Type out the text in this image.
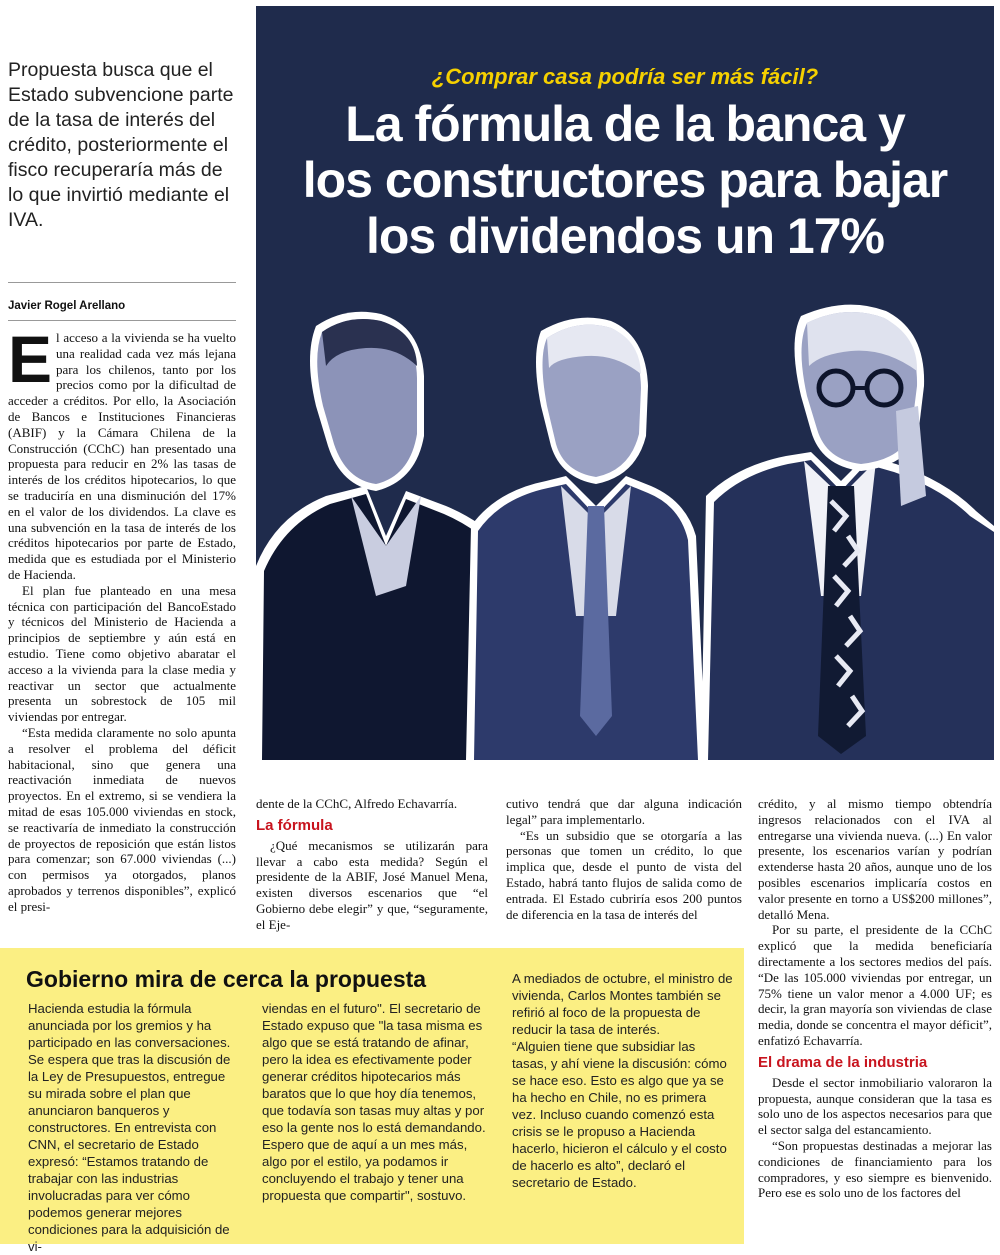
¿Comprar casa podría ser más fácil?
La fórmula de la banca y
los constructores para bajar
los dividendos un 17%
Propuesta busca que el Estado subvencione parte de la tasa de interés del crédito, posteriormente el fisco recuperaría más de lo que invirtió mediante el IVA.
Javier Rogel Arellano

El acceso a la vivienda se ha vuelto una realidad cada vez más lejana para los chilenos, tanto por los precios como por la dificultad de acceder a créditos. Por ello, la Asociación de Bancos e Instituciones Financieras (ABIF) y la Cámara Chilena de la Construcción (CChC) han presentado una propuesta para reducir en 2% las tasas de interés de los créditos hipotecarios, lo que se traduciría en una disminución del 17% en el valor de los dividendos. La clave es una subvención en la tasa de interés de los créditos hipotecarios por parte de Estado, medida que es estudiada por el Ministerio de Hacienda.

El plan fue planteado en una mesa técnica con participación del BancoEstado y técnicos del Ministerio de Hacienda a principios de septiembre y aún está en estudio. Tiene como objetivo abaratar el acceso a la vivienda para la clase media y reactivar un sector que actualmente presenta un sobrestock de 105 mil viviendas por entregar.

“Esta medida claramente no solo apunta a resolver el problema del déficit habitacional, sino que genera una reactivación inmediata de nuevos proyectos. En el extremo, si se vendiera la mitad de esas 105.000 viviendas en stock, se reactivaría de inmediato la construcción de proyectos de reposición que están listos para comenzar; son 67.000 viviendas (...) con permisos ya otorgados, planos aprobados y terrenos disponibles”, explicó el presi-

dente de la CChC, Alfredo Echavarría.

La fórmula

¿Qué mecanismos se utilizarán para llevar a cabo esta medida? Según el presidente de la ABIF, José Manuel Mena, existen diversos escenarios que “el Gobierno debe elegir” y que, “seguramente, el Eje-

cutivo tendrá que dar alguna indicación legal” para implementarlo.

“Es un subsidio que se otorgaría a las personas que tomen un crédito, lo que implica que, desde el punto de vista del Estado, habrá tanto flujos de salida como de entrada. El Estado cubriría esos 200 puntos de diferencia en la tasa de interés del

crédito, y al mismo tiempo obtendría ingresos relacionados con el IVA al entregarse una vivienda nueva. (...) En valor presente, los escenarios varían y podrían extenderse hasta 20 años, aunque uno de los posibles escenarios implicaría costos en valor presente en torno a US$200 millones”, detalló Mena.

Por su parte, el presidente de la CChC explicó que la medida beneficiaría directamente a los sectores medios del país. “De las 105.000 viviendas por entregar, un 75% tiene un valor menor a 4.000 UF; es decir, la gran mayoría son viviendas de clase media, donde se concentra el mayor déficit”, enfatizó Echavarría.

El drama de la industria

Desde el sector inmobiliario valoraron la propuesta, aunque consideran que la tasa es solo uno de los aspectos necesarios para que el sector salga del estancamiento.

“Son propuestas destinadas a mejorar las condiciones de financiamiento para los compradores, y eso siempre es bienvenido. Pero ese es solo uno de los factores del

Gobierno mira de cerca la propuesta
Hacienda estudia la fórmula anunciada por los gremios y ha participado en las conversaciones. Se espera que tras la discusión de la Ley de Presupuestos, entregue su mirada sobre el plan que anunciaron banqueros y constructores. En entrevista con CNN, el secretario de Estado expresó: “Estamos tratando de trabajar con las industrias involucradas para ver cómo podemos generar mejores condiciones para la adquisición de vi-
viendas en el futuro". El secretario de Estado expuso que "la tasa misma es algo que se está tratando de afinar, pero la idea es efectivamente poder generar créditos hipotecarios más baratos que lo que hoy día tenemos, que todavía son tasas muy altas y por eso la gente nos lo está demandando. Espero que de aquí a un mes más, algo por el estilo, ya podamos ir concluyendo el trabajo y tener una propuesta que compartir", sostuvo.
A mediados de octubre, el ministro de vivienda, Carlos Montes también se refirió al foco de la propuesta de reducir la tasa de interés.
“Alguien tiene que subsidiar las tasas, y ahí viene la discusión: cómo se hace eso. Esto es algo que ya se ha hecho en Chile, no es primera vez. Incluso cuando comenzó esta crisis se le propuso a Hacienda hacerlo, hicieron el cálculo y el costo de hacerlo es alto”, declaró el secretario de Estado.
